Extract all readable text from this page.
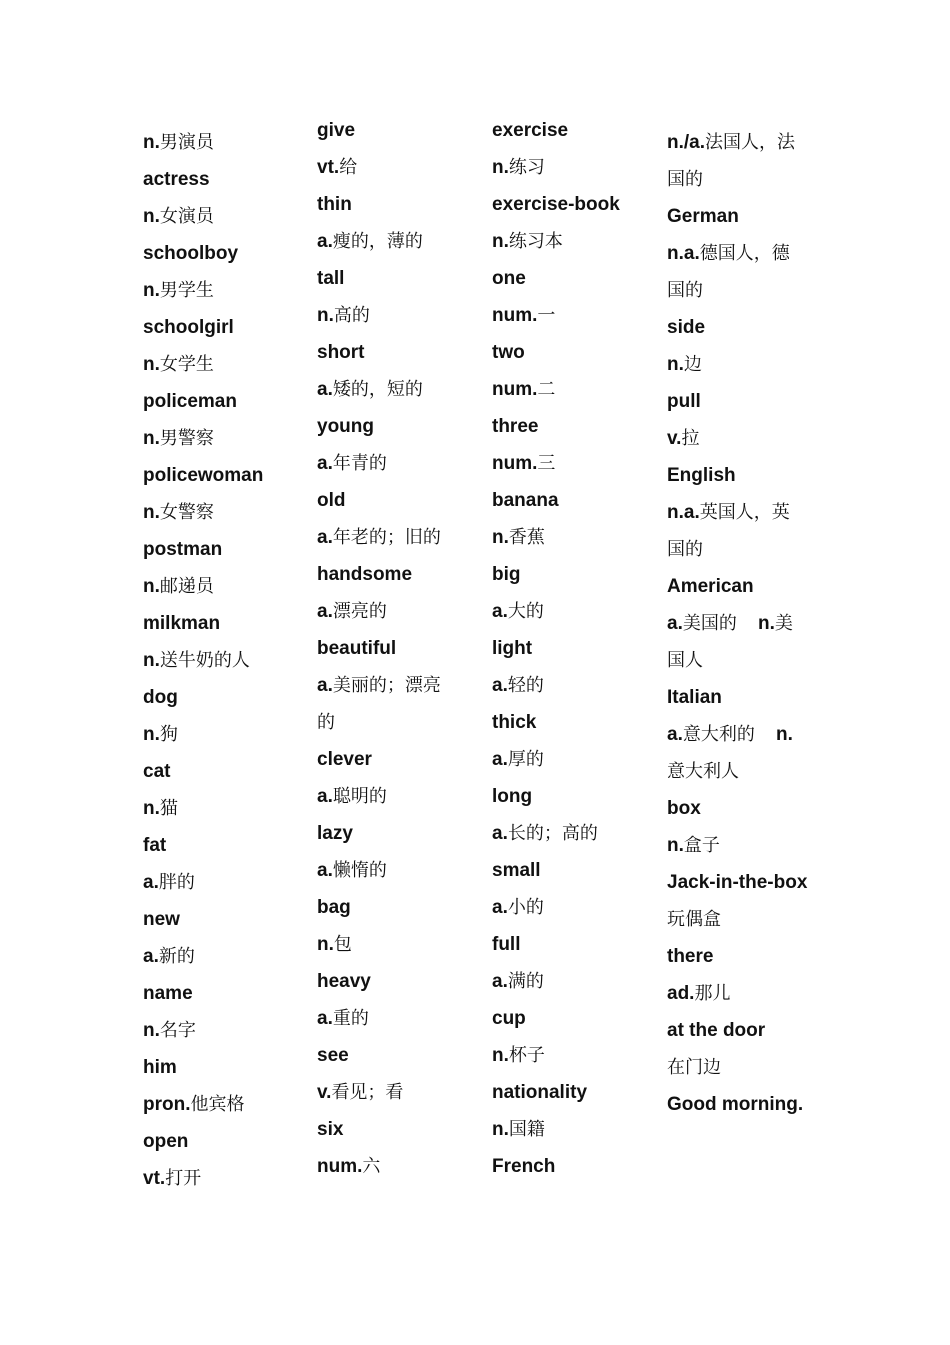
n.男演员
actress
n.女演员
schoolboy
n.男学生
schoolgirl
n.女学生
policeman
n.男警察
policewoman
n.女警察
postman
n.邮递员
milkman
n.送牛奶的人
dog
n.狗
cat
n.猫
fat
a.胖的
new
a.新的
name
n.名字
him
pron.他宾格
open
vt.打开
give
vt.给
thin
a.瘦的，薄的
tall
n.高的
short
a.矮的，短的
young
a.年青的
old
a.年老的；旧的
handsome
a.漂亮的
beautiful
a.美丽的；漂亮
的
clever
a.聪明的
lazy
a.懒惰的
bag
n.包
heavy
a.重的
see
v.看见；看
six
num.六
exercise
n.练习
exercise-book
n.练习本
one
num.一
two
num.二
three
num.三
banana
n.香蕉
big
a.大的
light
a.轻的
thick
a.厚的
long
a.长的；高的
small
a.小的
full
a.满的
cup
n.杯子
nationality
n.国籍
French
n./a.法国人，法
国的
German
n.a.德国人，德
国的
side
n.边
pull
v.拉
English
n.a.英国人，英
国的
American
a.美国的 n.美
国人
Italian
a.意大利的 n.
意大利人
box
n.盒子
Jack-in-the-box
玩偶盒
there
ad.那儿
at the door
在门边
Good morning.
